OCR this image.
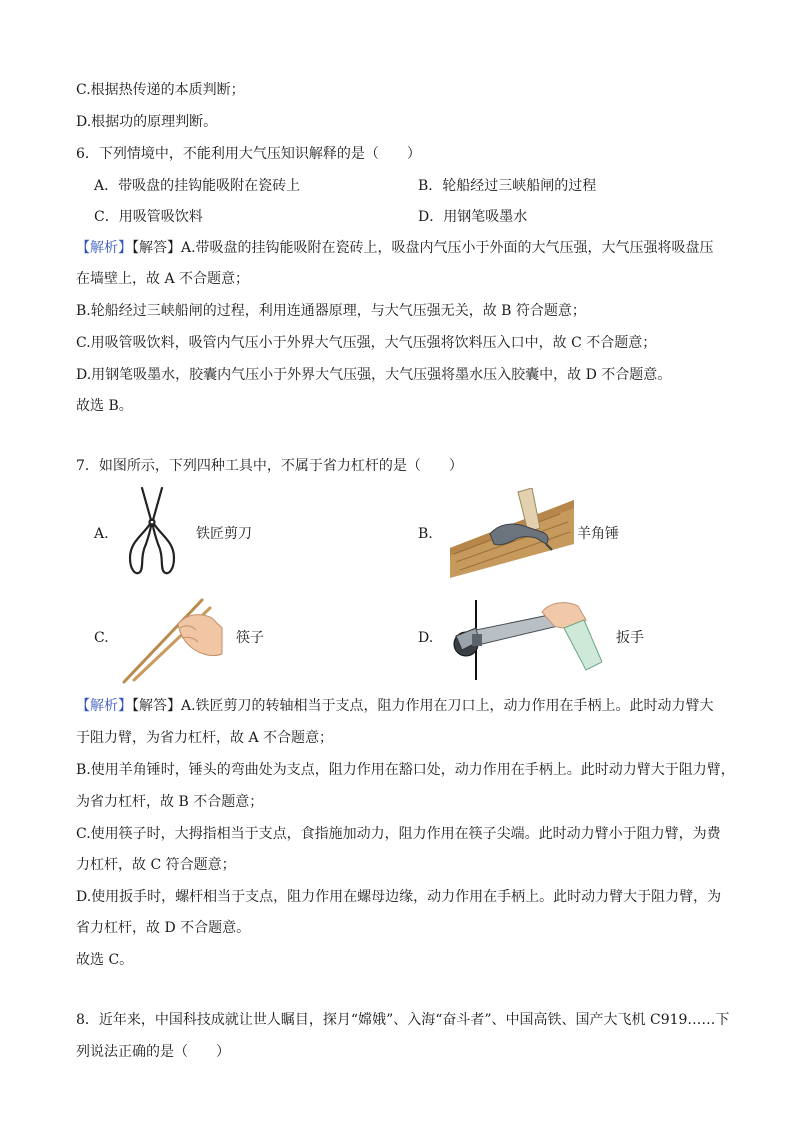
C.根据热传递的本质判断；
D.根据功的原理判断。
6．下列情境中，不能利用大气压知识解释的是（　　）
A．带吸盘的挂钩能吸附在瓷砖上	B．轮船经过三峡船闸的过程
C．用吸管吸饮料	D．用钢笔吸墨水
【解析】【解答】A.带吸盘的挂钩能吸附在瓷砖上，吸盘内气压小于外面的大气压强，大气压强将吸盘压
在墙壁上，故 A 不合题意；
B.轮船经过三峡船闸的过程，利用连通器原理，与大气压强无关，故 B 符合题意；
C.用吸管吸饮料，吸管内气压小于外界大气压强，大气压强将饮料压入口中，故 C 不合题意；
D.用钢笔吸墨水，胶囊内气压小于外界大气压强，大气压强将墨水压入胶囊中，故 D 不合题意。
故选 B。
7．如图所示，下列四种工具中，不属于省力杠杆的是（　　）
A.	铁匠剪刀	B.	羊角锤
C.	筷子	D.	扳手
【解析】【解答】A.铁匠剪刀的转轴相当于支点，阻力作用在刀口上，动力作用在手柄上。此时动力臂大
于阻力臂，为省力杠杆，故 A 不合题意；
B.使用羊角锤时，锤头的弯曲处为支点，阻力作用在豁口处，动力作用在手柄上。此时动力臂大于阻力臂，
为省力杠杆，故 B 不合题意；
C.使用筷子时，大拇指相当于支点，食指施加动力，阻力作用在筷子尖端。此时动力臂小于阻力臂，为费
力杠杆，故 C 符合题意；
D.使用扳手时，螺杆相当于支点，阻力作用在螺母边缘，动力作用在手柄上。此时动力臂大于阻力臂，为
省力杠杆，故 D 不合题意。
故选 C。
8．近年来，中国科技成就让世人瞩目，探月“嫦娥”、入海“奋斗者”、中国高铁、国产大飞机 C919……下
列说法正确的是（　　）
